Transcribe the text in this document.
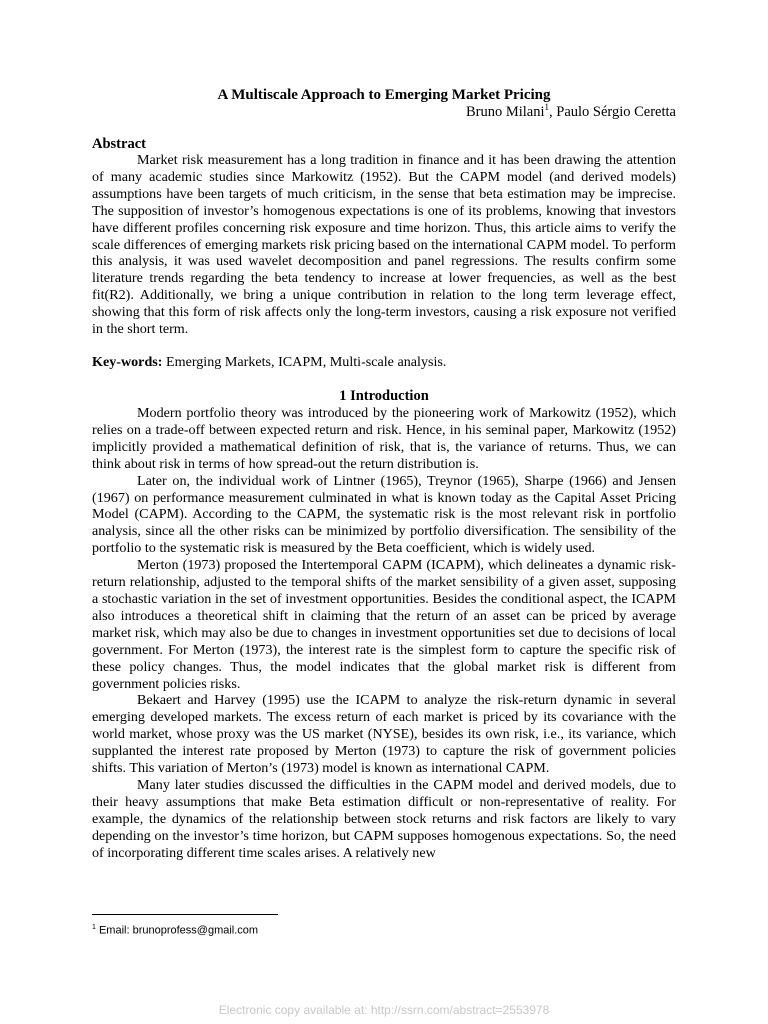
A Multiscale Approach to Emerging Market Pricing
Bruno Milani$^1$, Paulo Sérgio Ceretta
Abstract

Market risk measurement has a long tradition in finance and it has been drawing the attention of many academic studies since Markowitz (1952). But the CAPM model (and derived models) assumptions have been targets of much criticism, in the sense that beta estimation may be imprecise. The supposition of investor’s homogenous expectations is one of its problems, knowing that investors have different profiles concerning risk exposure and time horizon. Thus, this article aims to verify the scale differences of emerging markets risk pricing based on the international CAPM model. To perform this analysis, it was used wavelet decomposition and panel regressions. The results confirm some literature trends regarding the beta tendency to increase at lower frequencies, as well as the best fit(R2). Additionally, we bring a unique contribution in relation to the long term leverage effect, showing that this form of risk affects only the long-term investors, causing a risk exposure not verified in the short term.

Key-words: Emerging Markets, ICAPM, Multi-scale analysis.
1 Introduction

Modern portfolio theory was introduced by the pioneering work of Markowitz (1952), which relies on a trade-off between expected return and risk. Hence, in his seminal paper, Markowitz (1952) implicitly provided a mathematical definition of risk, that is, the variance of returns. Thus, we can think about risk in terms of how spread-out the return distribution is.

Later on, the individual work of Lintner (1965), Treynor (1965), Sharpe (1966) and Jensen (1967) on performance measurement culminated in what is known today as the Capital Asset Pricing Model (CAPM). According to the CAPM, the systematic risk is the most relevant risk in portfolio analysis, since all the other risks can be minimized by portfolio diversification. The sensibility of the portfolio to the systematic risk is measured by the Beta coefficient, which is widely used.

Merton (1973) proposed the Intertemporal CAPM (ICAPM), which delineates a dynamic risk-return relationship, adjusted to the temporal shifts of the market sensibility of a given asset, supposing a stochastic variation in the set of investment opportunities. Besides the conditional aspect, the ICAPM also introduces a theoretical shift in claiming that the return of an asset can be priced by average market risk, which may also be due to changes in investment opportunities set due to decisions of local government. For Merton (1973), the interest rate is the simplest form to capture the specific risk of these policy changes. Thus, the model indicates that the global market risk is different from government policies risks.

Bekaert and Harvey (1995) use the ICAPM to analyze the risk-return dynamic in several emerging developed markets. The excess return of each market is priced by its covariance with the world market, whose proxy was the US market (NYSE), besides its own risk, i.e., its variance, which supplanted the interest rate proposed by Merton (1973) to capture the risk of government policies shifts. This variation of Merton’s (1973) model is known as international CAPM.

Many later studies discussed the difficulties in the CAPM model and derived models, due to their heavy assumptions that make Beta estimation difficult or non-representative of reality. For example, the dynamics of the relationship between stock returns and risk factors are likely to vary depending on the investor’s time horizon, but CAPM supposes homogenous expectations. So, the need of incorporating different time scales arises. A relatively new

$^1$ Email: brunoprofess@gmail.com
Electronic copy available at: http://ssrn.com/abstract=2553978
